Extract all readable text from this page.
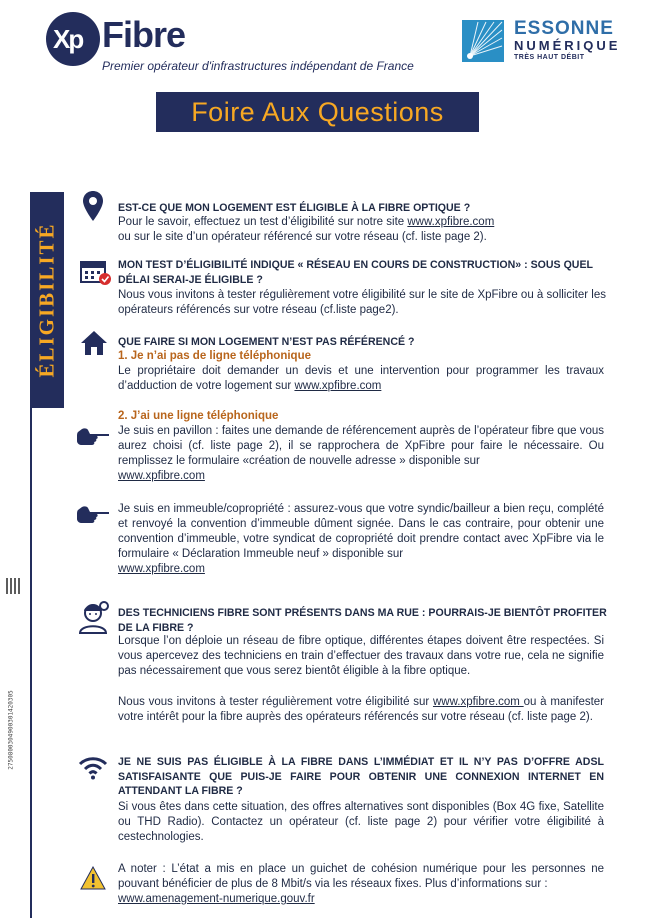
Xp Fibre
Premier opérateur d'infrastructures indépendant de France
ESSONNE
NUMÉRIQUE
TRÈS HAUT DÉBIT
Foire Aux Questions
ÉLIGIBILITÉ
2750800304900301420305
EST-CE QUE MON LOGEMENT EST ÉLIGIBLE À LA FIBRE OPTIQUE ?
Pour le savoir, effectuez un test d’éligibilité sur notre site www.xpfibre.com
ou sur le site d’un opérateur référencé sur votre réseau (cf. liste page 2).
MON TEST D’ÉLIGIBILITÉ INDIQUE « RÉSEAU EN COURS DE CONSTRUCTION» : SOUS QUEL
DÉLAI SERAI-JE ÉLIGIBLE ?
Nous vous invitons à tester régulièrement votre éligibilité sur le site de XpFibre ou à solliciter les opérateurs référencés sur votre réseau (cf.liste page2).
QUE FAIRE SI MON LOGEMENT N’EST PAS RÉFÉRENCÉ ?
1. Je n’ai pas de ligne téléphonique
Le propriétaire doit demander un devis et une intervention pour programmer les travaux d’adduction de votre logement sur www.xpfibre.com
2. J’ai une ligne téléphonique
Je suis en pavillon : faites une demande de référencement auprès de l’opérateur fibre que vous aurez choisi (cf. liste page 2), il se rapprochera de XpFibre pour faire le nécessaire. Ou remplissez le formulaire «création de nouvelle adresse » disponible sur
www.xpfibre.com
Je suis en immeuble/copropriété : assurez-vous que votre syndic/bailleur a bien reçu, complété et renvoyé la convention d’immeuble dûment signée. Dans le cas contraire, pour obtenir une convention d’immeuble, votre syndicat de copropriété doit prendre contact avec XpFibre via le formulaire « Déclaration Immeuble neuf » disponible sur
www.xpfibre.com
DES TECHNICIENS FIBRE SONT PRÉSENTS DANS MA RUE : POURRAIS-JE BIENTÔT PROFITER
DE LA FIBRE ?
Lorsque l’on déploie un réseau de fibre optique, différentes étapes doivent être respectées. Si vous apercevez des techniciens en train d’effectuer des travaux dans votre rue, cela ne signifie pas nécessairement que vous serez bientôt éligible à la fibre optique.
Nous vous invitons à tester régulièrement votre éligibilité sur www.xpfibre.com ou à manifester votre intérêt pour la fibre auprès des opérateurs référencés sur votre réseau (cf. liste page 2).
JE NE SUIS PAS ÉLIGIBLE À LA FIBRE DANS L’IMMÉDIAT ET IL N’Y PAS D’OFFRE ADSL SATISFAISANTE QUE PUIS-JE FAIRE POUR OBTENIR UNE CONNEXION INTERNET EN ATTENDANT LA FIBRE ?
Si vous êtes dans cette situation, des offres alternatives sont disponibles (Box 4G fixe, Satellite ou THD Radio). Contactez un opérateur (cf. liste page 2) pour vérifier votre éligibilité à cestechnologies.
A noter : L’état a mis en place un guichet de cohésion numérique pour les personnes ne pouvant bénéficier de plus de 8 Mbit/s via les réseaux fixes. Plus d’informations sur :
www.amenagement-numerique.gouv.fr
